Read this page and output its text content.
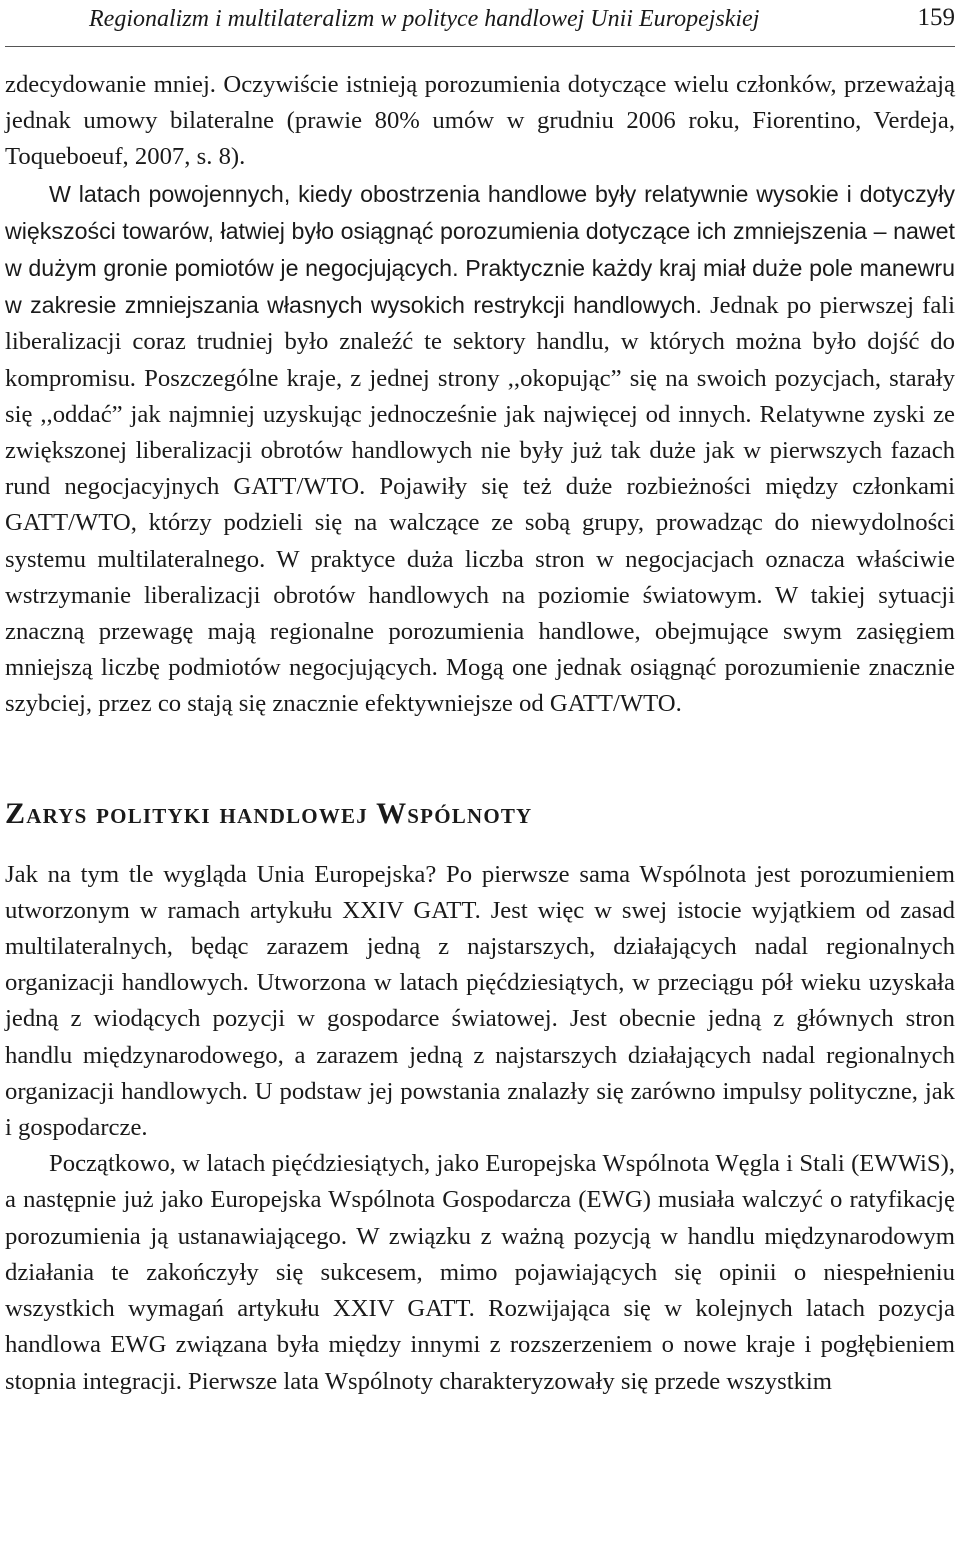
Regionalizm i multilateralizm w polityce handlowej Unii Europejskiej	159

zdecydowanie mniej. Oczywiście istnieją porozumienia dotyczące wielu członków, przeważają jednak umowy bilateralne (prawie 80% umów w grudniu 2006 roku, Fiorentino, Verdeja, Toqueboeuf, 2007, s. 8).
W latach powojennych, kiedy obostrzenia handlowe były relatywnie wysokie i dotyczyły większości towarów, łatwiej było osiągnąć porozumienia dotyczące ich zmniejszenia – nawet w dużym gronie pomiotów je negocjujących. Praktycznie każdy kraj miał duże pole manewru w zakresie zmniejszania własnych wysokich restrykcji handlowych. Jednak po pierwszej fali liberalizacji coraz trudniej było znaleźć te sektory handlu, w których można było dojść do kompromisu. Poszczególne kraje, z jednej strony ,,okopując” się na swoich pozycjach, starały się ,,oddać” jak najmniej uzyskując jednocześnie jak najwięcej od innych. Relatywne zyski ze zwiększonej liberalizacji obrotów handlowych nie były już tak duże jak w pierwszych fazach rund negocjacyjnych GATT/WTO. Pojawiły się też duże rozbieżności między członkami GATT/WTO, którzy podzieli się na walczące ze sobą grupy, prowadząc do niewydolności systemu multilateralnego. W praktyce duża liczba stron w negocjacjach oznacza właściwie wstrzymanie liberalizacji obrotów handlowych na poziomie światowym. W takiej sytuacji znaczną przewagę mają regionalne porozumienia handlowe, obejmujące swym zasięgiem mniejszą liczbę podmiotów negocjujących. Mogą one jednak osiągnąć porozumienie znacznie szybciej, przez co stają się znacznie efektywniejsze od GATT/WTO.

Zarys polityki handlowej Wspólnoty

Jak na tym tle wygląda Unia Europejska? Po pierwsze sama Wspólnota jest porozumieniem utworzonym w ramach artykułu XXIV GATT. Jest więc w swej istocie wyjątkiem od zasad multilateralnych, będąc zarazem jedną z najstarszych, działających nadal regionalnych organizacji handlowych. Utworzona w latach pięćdziesiątych, w przeciągu pół wieku uzyskała jedną z wiodących pozycji w gospodarce światowej. Jest obecnie jedną z głównych stron handlu międzynarodowego, a zarazem jedną z najstarszych działających nadal regionalnych organizacji handlowych. U podstaw jej powstania znalazły się zarówno impulsy polityczne, jak i gospodarcze.

Początkowo, w latach pięćdziesiątych, jako Europejska Wspólnota Węgla i Stali (EWWiS), a następnie już jako Europejska Wspólnota Gospodarcza (EWG) musiała walczyć o ratyfikację porozumienia ją ustanawiającego. W związku z ważną pozycją w handlu międzynarodowym działania te zakończyły się sukcesem, mimo pojawiających się opinii o niespełnieniu wszystkich wymagań artykułu XXIV GATT. Rozwijająca się w kolejnych latach pozycja handlowa EWG związana była między innymi z rozszerzeniem o nowe kraje i pogłębieniem stopnia integracji. Pierwsze lata Wspólnoty charakteryzowały się przede wszystkim
